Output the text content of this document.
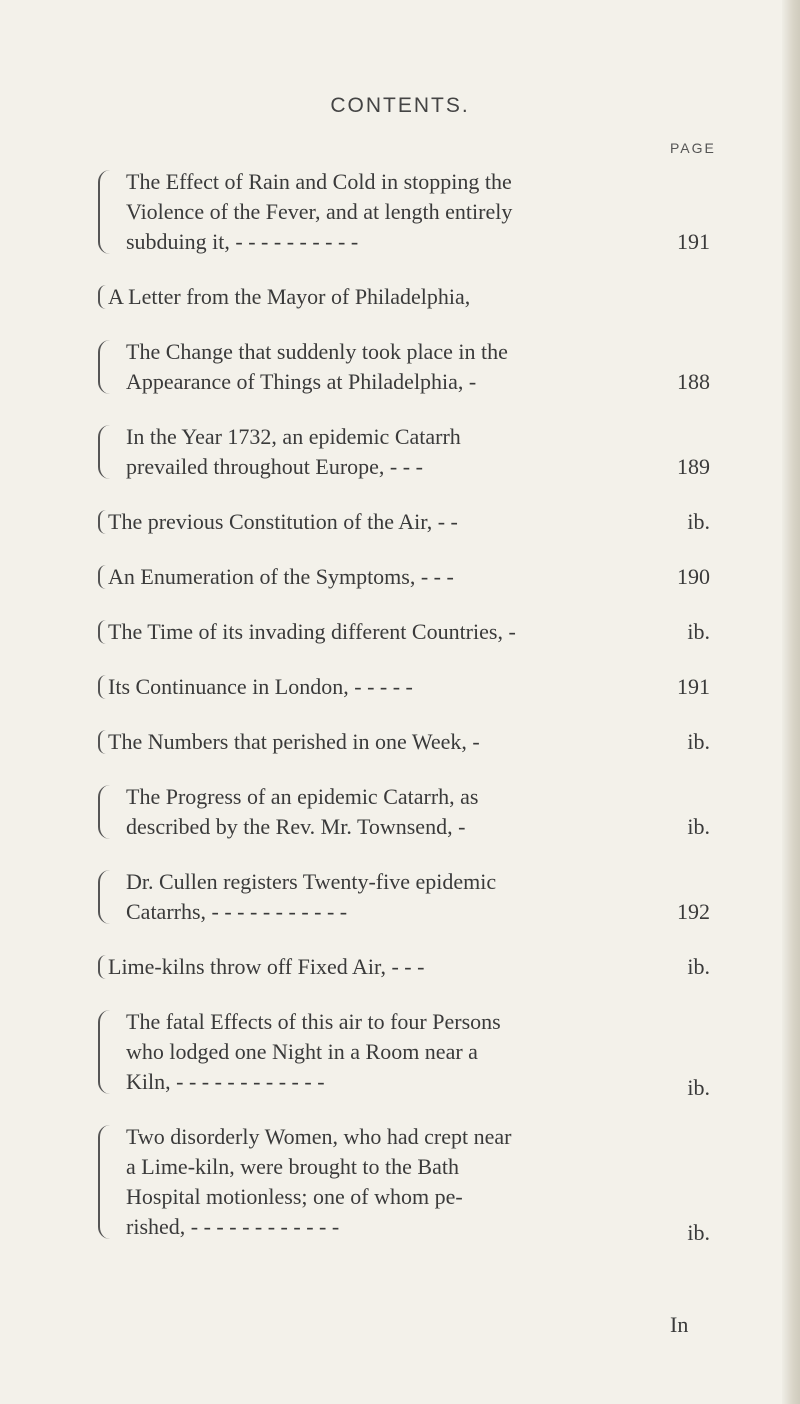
CONTENTS.
PAGE
The Effect of Rain and Cold in stopping the
Violence of the Fever, and at length entirely
subduing it, - - - - - - - - - -	191
A Letter from the Mayor of Philadelphia,
The Change that suddenly took place in the
Appearance of Things at Philadelphia, -	188
In the Year 1732, an epidemic Catarrh
prevailed throughout Europe, - - -	189
The previous Constitution of the Air, - -	ib.
An Enumeration of the Symptoms, - - -	190
The Time of its invading different Countries, -	ib.
Its Continuance in London, - - - - -	191
The Numbers that perished in one Week, -	ib.
The Progress of an epidemic Catarrh, as
described by the Rev. Mr. Townsend, -	ib.
Dr. Cullen registers Twenty-five epidemic
Catarrhs, - - - - - - - - - - -	192
Lime-kilns throw off Fixed Air, - - -	ib.
The fatal Effects of this air to four Persons
who lodged one Night in a Room near a
Kiln, - - - - - - - - - - - -	ib.
Two disorderly Women, who had crept near
a Lime-kiln, were brought to the Bath
Hospital motionless; one of whom pe-
rished, - - - - - - - - - - - -	ib.
In
